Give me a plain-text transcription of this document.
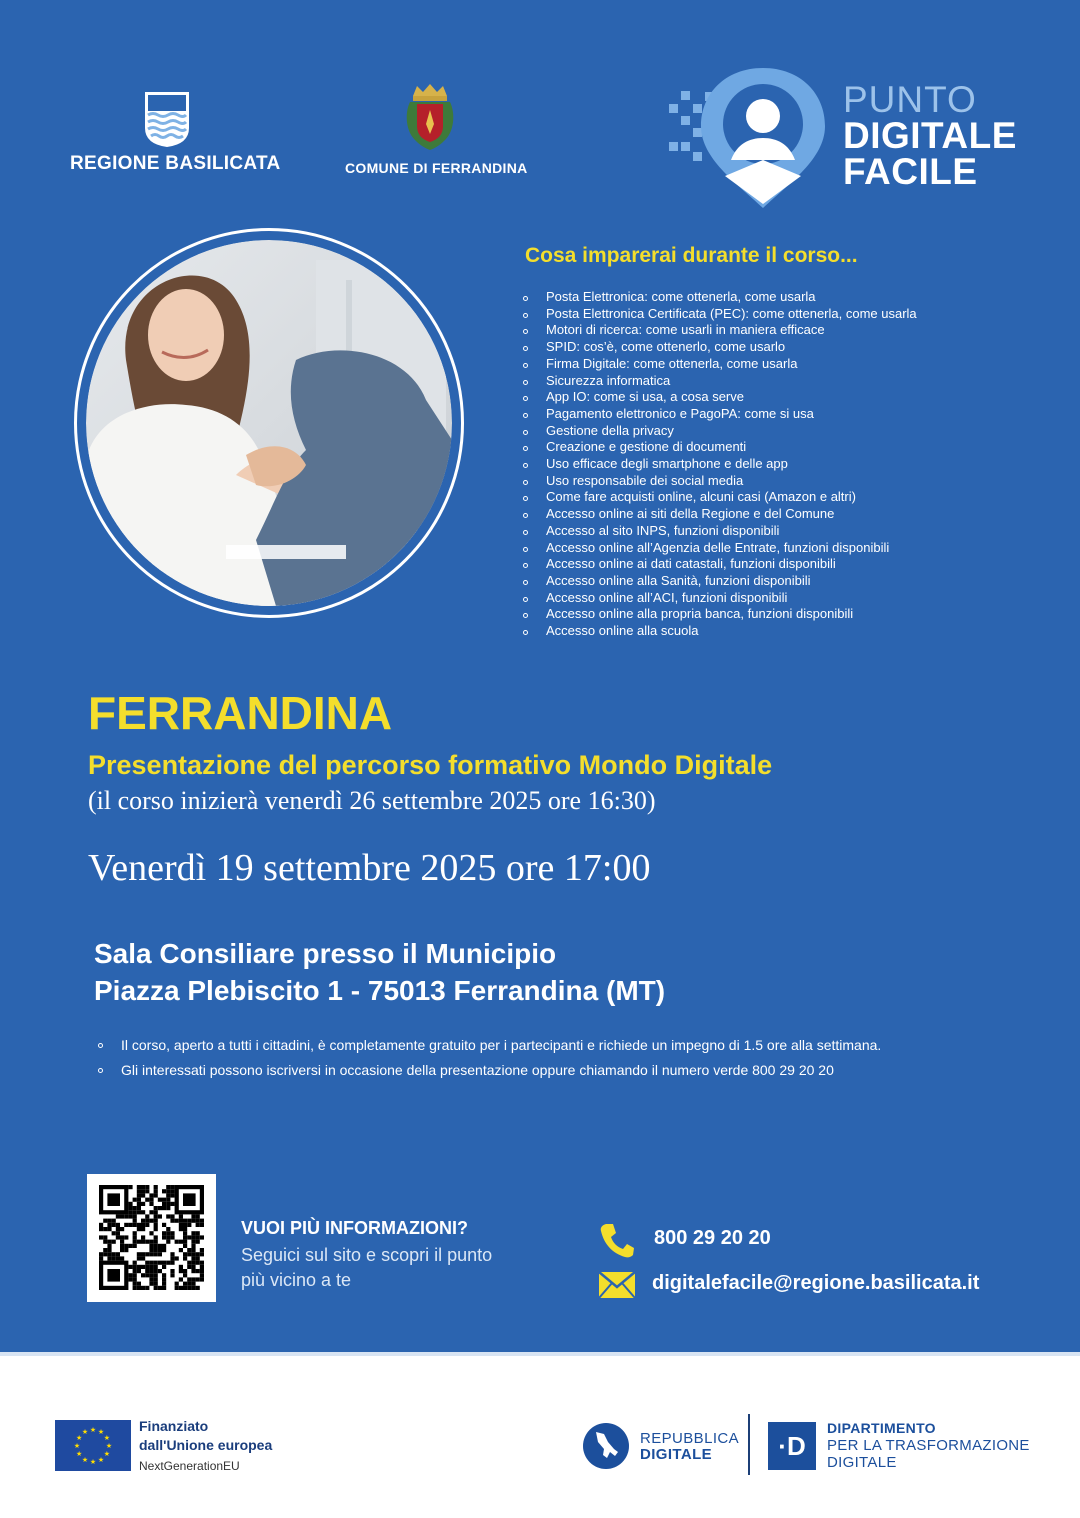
REGIONE BASILICATA	COMUNE DI FERRANDINA
PUNTO
DIGITALE
FACILE
Cosa imparerai durante il corso...
Posta Elettronica: come ottenerla, come usarla
Posta Elettronica Certificata (PEC): come ottenerla, come usarla
Motori di ricerca: come usarli in maniera efficace
SPID: cos’è, come ottenerlo, come usarlo
Firma Digitale: come ottenerla, come usarla
Sicurezza informatica
App IO: come si usa, a cosa serve
Pagamento elettronico e PagoPA: come si usa
Gestione della privacy
Creazione e gestione di documenti
Uso efficace degli smartphone e delle app
Uso responsabile dei social media
Come fare acquisti online, alcuni casi (Amazon e altri)
Accesso online ai siti della Regione e del Comune
Accesso al sito INPS, funzioni disponibili
Accesso online all’Agenzia delle Entrate, funzioni disponibili
Accesso online ai dati catastali, funzioni disponibili
Accesso online alla Sanità, funzioni disponibili
Accesso online all’ACI, funzioni disponibili
Accesso online alla propria banca, funzioni disponibili
Accesso online alla scuola
FERRANDINA
Presentazione del percorso formativo Mondo Digitale
(il corso inizierà venerdì 26 settembre 2025 ore 16:30)
Venerdì 19 settembre 2025 ore 17:00
Sala Consiliare presso il Municipio
Piazza Plebiscito 1 - 75013 Ferrandina (MT)
Il corso, aperto a tutti i cittadini, è completamente gratuito per i partecipanti e richiede un impegno di 1.5 ore alla settimana.
Gli interessati possono iscriversi in occasione della presentazione oppure chiamando il numero verde 800 29 20 20
VUOI PIÙ INFORMAZIONI?
Seguici sul sito e scopri il punto
più vicino a te
800 29 20 20
digitalefacile@regione.basilicata.it
★
★
★
★
★
★
★
★
★ ★ ★
★
Finanziato
dall'Unione europea
NextGenerationEU
REPUBBLICA
DIGITALE	·D
DIPARTIMENTO
PER LA TRASFORMAZIONE
DIGITALE
